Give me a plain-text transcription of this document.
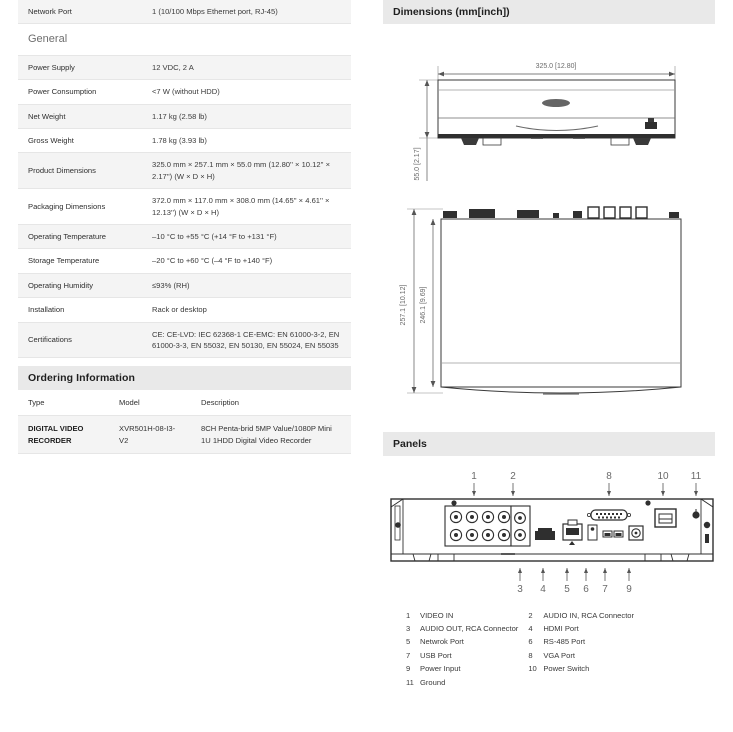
Network Port	1 (10/100 Mbps Ethernet port, RJ-45)
General	
Power Supply	12 VDC, 2 A
Power Consumption	<7 W (without HDD)
Net Weight	1.17 kg (2.58 lb)
Gross Weight	1.78 kg (3.93 lb)
Product Dimensions	325.0 mm × 257.1 mm × 55.0 mm (12.80'' × 10.12'' × 2.17'') (W × D × H)
Packaging Dimensions	372.0 mm × 117.0 mm × 308.0 mm (14.65'' × 4.61'' × 12.13'') (W × D × H)
Operating Temperature	–10 °C to +55 °C (+14 °F to +131 °F)
Storage Temperature	–20 °C to +60 °C (–4 °F to +140 °F)
Operating Humidity	≤93% (RH)
Installation	Rack or desktop
Certifications	CE: CE-LVD: IEC 62368-1 CE-EMC: EN 61000-3-2, EN 61000-3-3, EN 55032, EN 50130, EN 55024, EN 55035
Ordering Information
Type	Model	Description
DIGITAL VIDEO RECORDER	XVR501H-08-I3-V2	8CH Penta-brid 5MP Value/1080P Mini 1U 1HDD Digital Video Recorder
Dimensions (mm[inch])
325.0 [12.80]
55.0 [2.17]
257.1 [10.12] 246.1 [9.69]
Panels
1	2	8	10 11
3 4 5 6 7 9
1	VIDEO IN	2	AUDIO IN, RCA Connector
3	AUDIO OUT, RCA Connector	4	HDMI Port
5	Netwrok Port	6	RS-485 Port
7	USB Port	8	VGA Port
9	Power Input	10	Power Switch
11	Ground		
